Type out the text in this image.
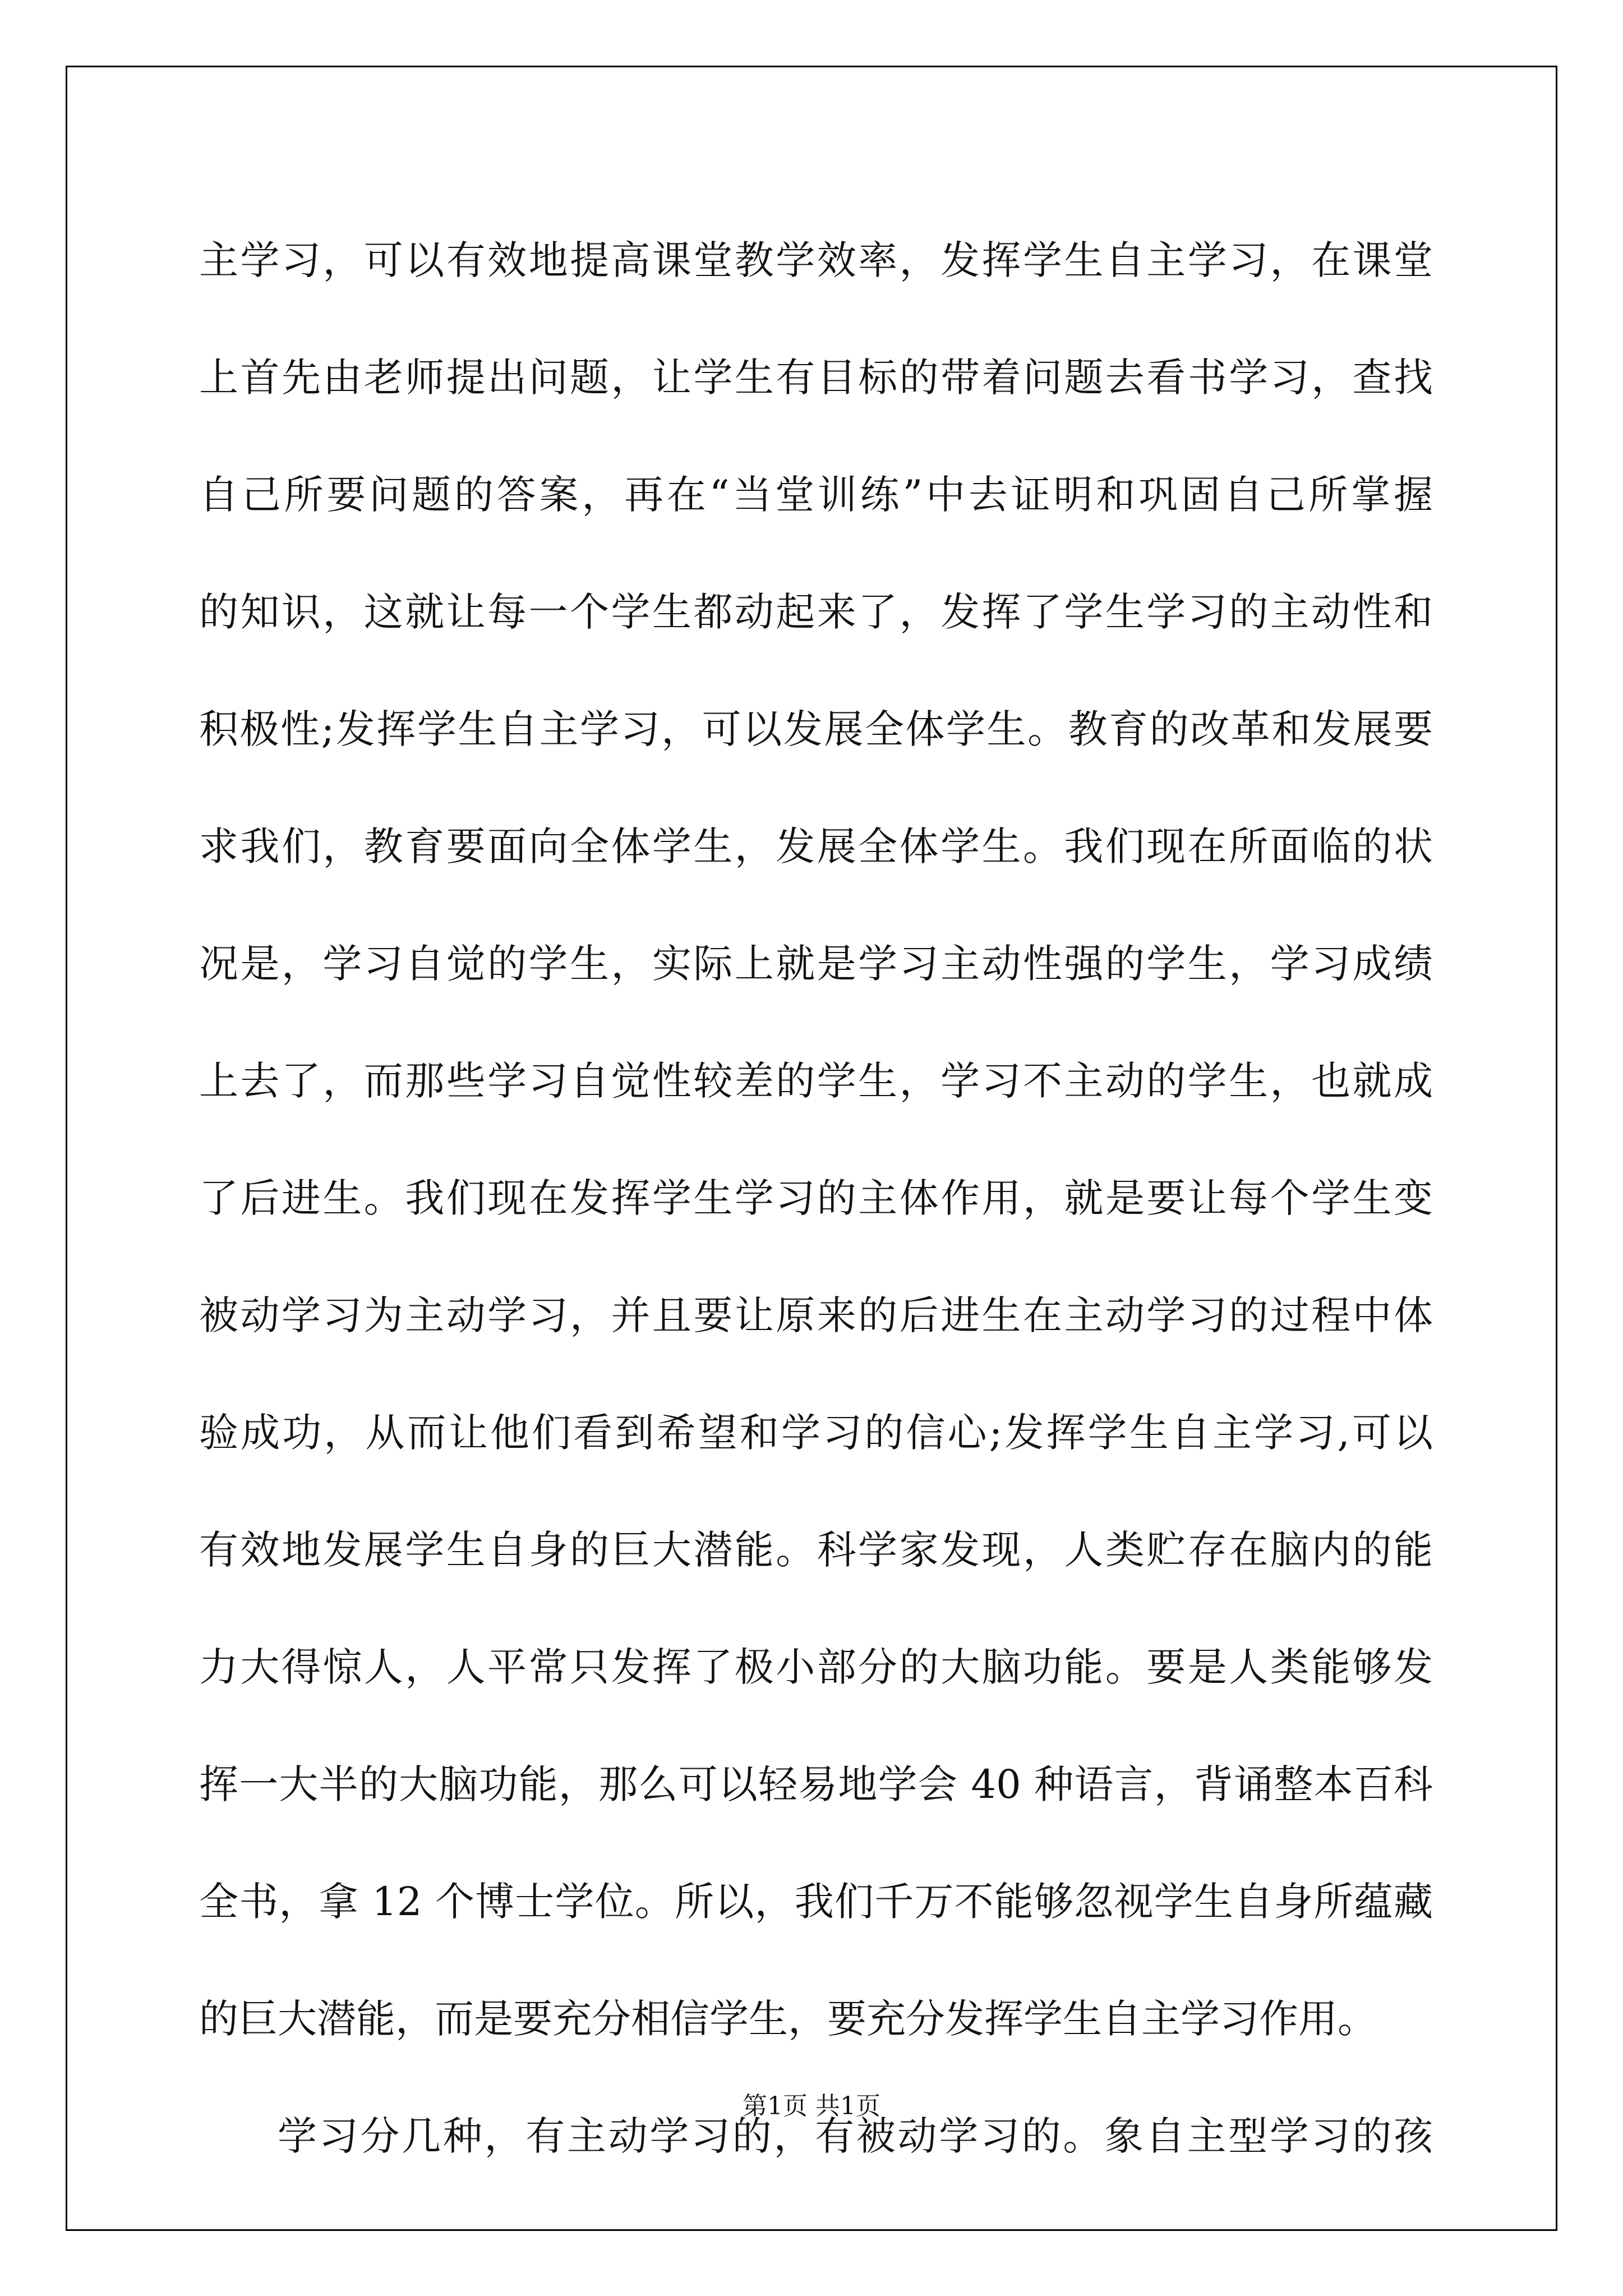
主学习，可以有效地提高课堂教学效率，发挥学生自主学习，在课堂
上首先由老师提出问题，让学生有目标的带着问题去看书学习，查找
自己所要问题的答案，再在“当堂训练”中去证明和巩固自己所掌握
的知识，这就让每一个学生都动起来了，发挥了学生学习的主动性和
积极性;发挥学生自主学习，可以发展全体学生。教育的改革和发展要
求我们，教育要面向全体学生，发展全体学生。我们现在所面临的状
况是，学习自觉的学生，实际上就是学习主动性强的学生，学习成绩
上去了，而那些学习自觉性较差的学生，学习不主动的学生，也就成
了后进生。我们现在发挥学生学习的主体作用，就是要让每个学生变
被动学习为主动学习，并且要让原来的后进生在主动学习的过程中体
验成功，从而让他们看到希望和学习的信心;发挥学生自主学习,可以
有效地发展学生自身的巨大潜能。科学家发现，人类贮存在脑内的能
力大得惊人，人平常只发挥了极小部分的大脑功能。要是人类能够发
挥一大半的大脑功能，那么可以轻易地学会 40 种语言，背诵整本百科
全书，拿 12 个博士学位。所以，我们千万不能够忽视学生自身所蕴藏
的巨大潜能，而是要充分相信学生，要充分发挥学生自主学习作用。
学习分几种，有主动学习的，有被动学习的。象自主型学习的孩
第1页 共1页
